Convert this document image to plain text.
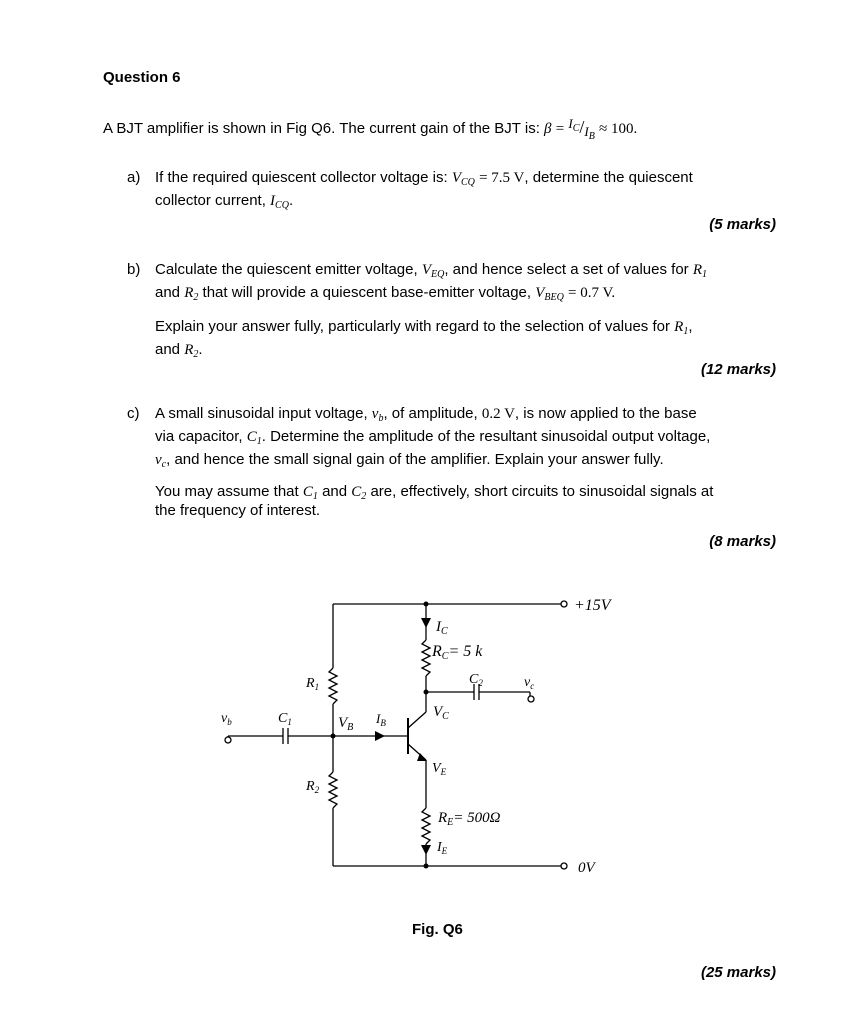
Question 6
A BJT amplifier is shown in Fig Q6. The current gain of the BJT is: $\beta = I_C/I_B \approx 100$.
a) If the required quiescent collector voltage is: $V_{CQ} = 7.5$ V, determine the quiescent
collector current, $I_{CQ}$.
(5 marks)
b) Calculate the quiescent emitter voltage, $V_{EQ}$, and hence select a set of values for $R_1$
and $R_2$ that will provide a quiescent base-emitter voltage, $V_{BEQ} = 0.7$ V.
Explain your answer fully, particularly with regard to the selection of values for $R_1$,
and $R_2$.
(12 marks)
c) A small sinusoidal input voltage, $v_b$, of amplitude, 0.2 V, is now applied to the base
via capacitor, $C_1$. Determine the amplitude of the resultant sinusoidal output voltage,
$v_c$, and hence the small signal gain of the amplifier. Explain your answer fully.
You may assume that $C_1$ and $C_2$ are, effectively, short circuits to sinusoidal signals at
the frequency of interest.
(8 marks)
+15V
0V
$I_C$
RC= 5 k
$C_2$	$v_c$
$V_C$
$R_1$
$v_b$	$C_1$	$V_B$
$I_B$
$V_E$
$R_2$
$R_E= 500\Omega$
$I_E$
Fig. Q6
(25 marks)
